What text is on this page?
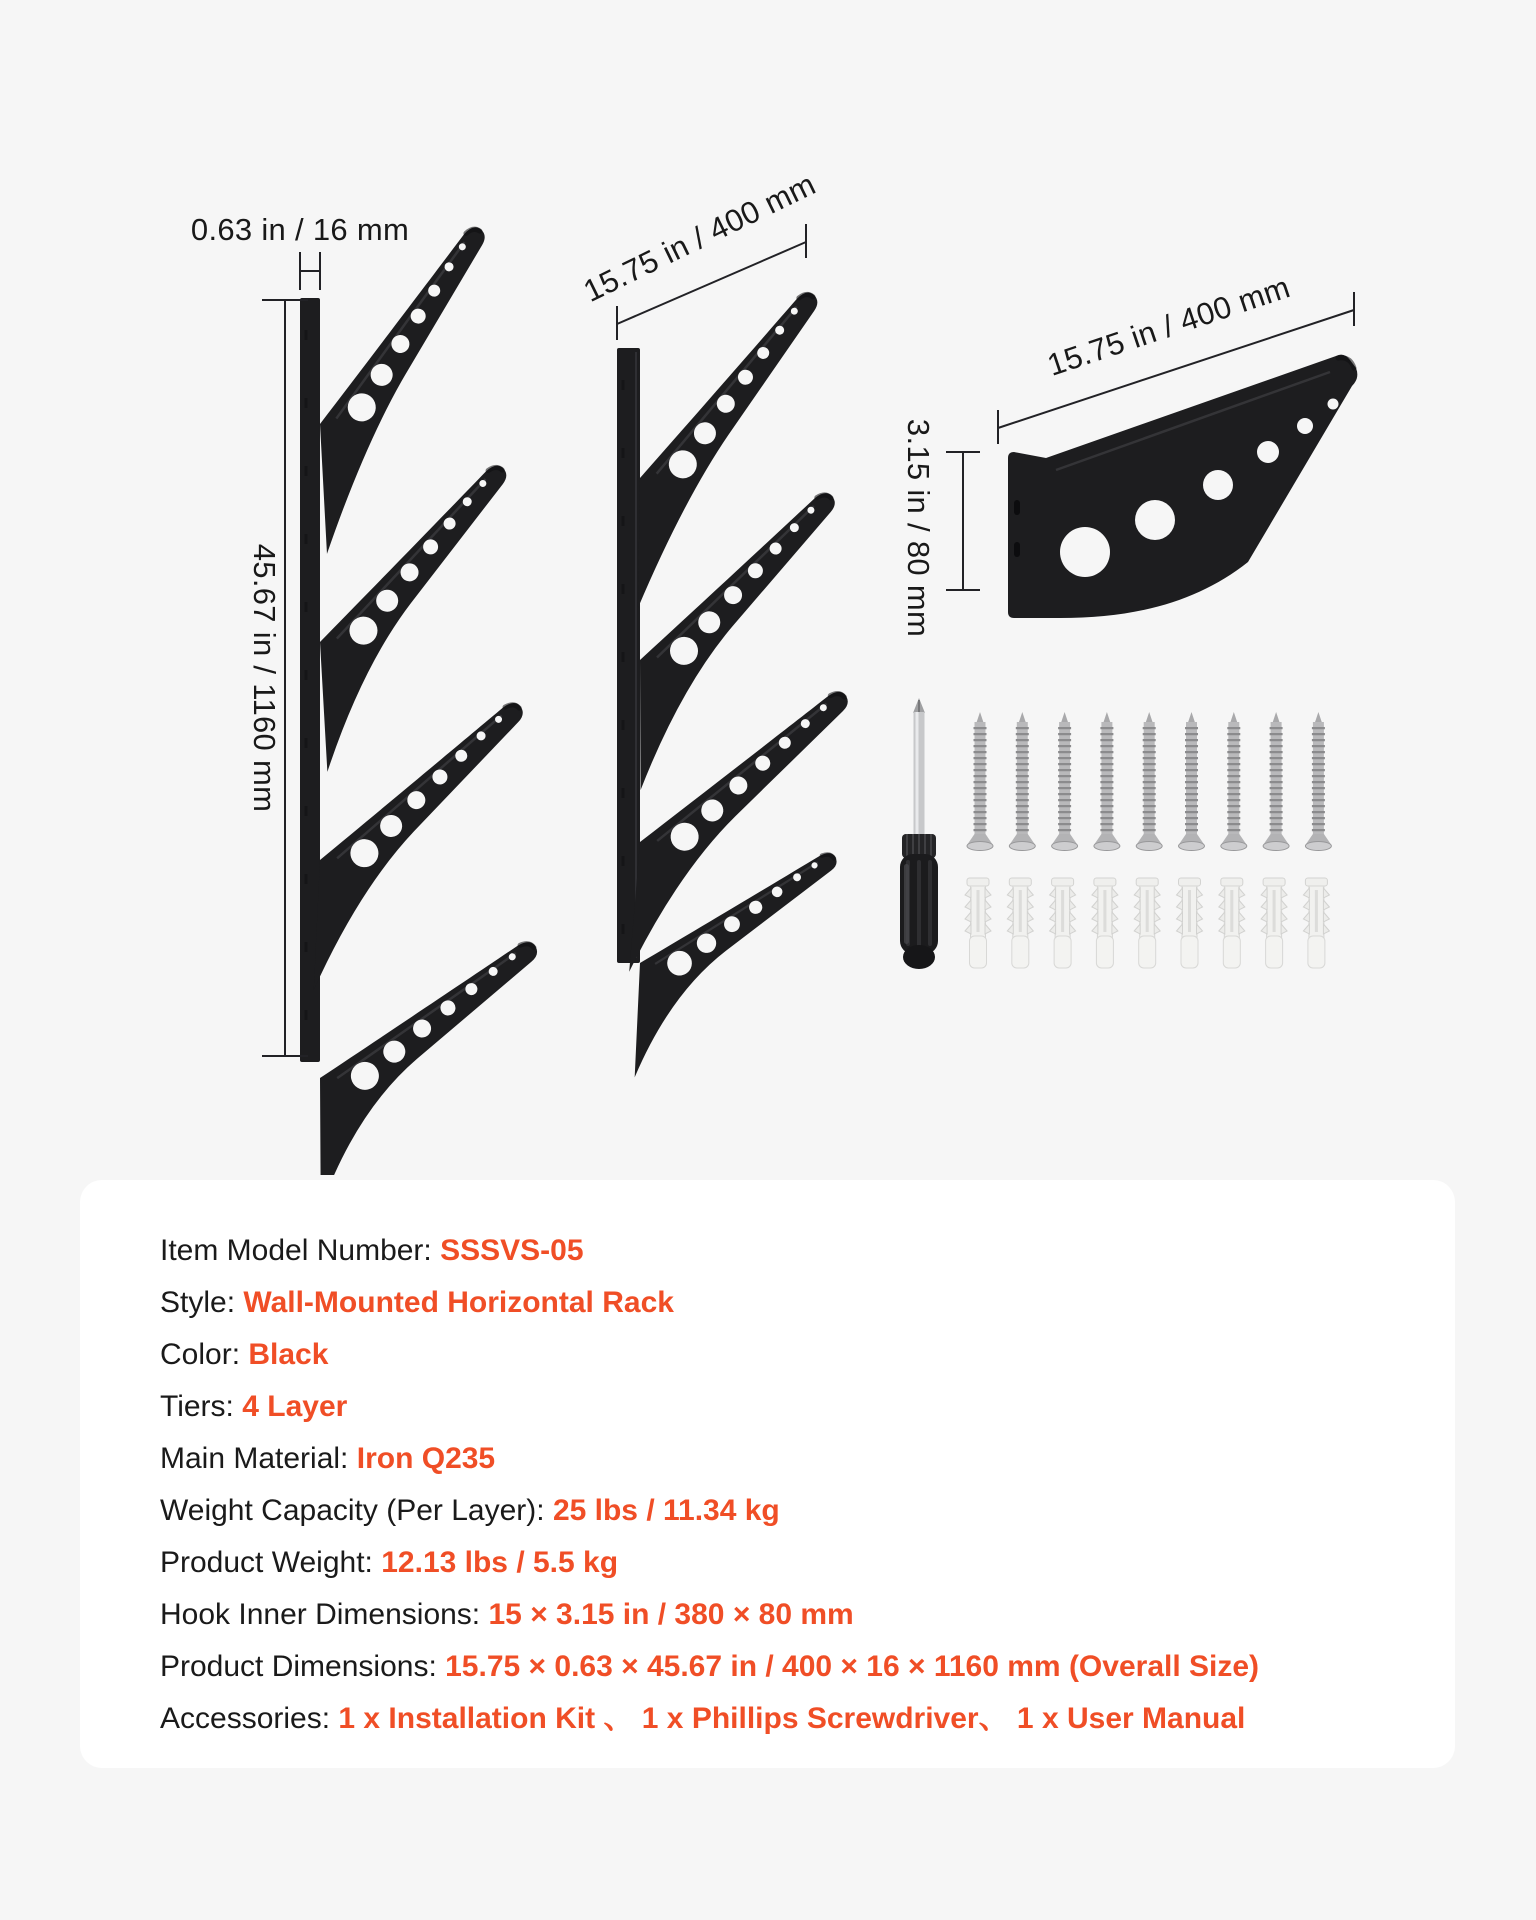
0.63 in / 16 mm
45.67 in / 1160 mm
15.75 in / 400 mm
15.75 in / 400 mm
3.15 in / 80 mm
Item Model Number: SSSVS-05
Style: Wall-Mounted Horizontal Rack
Color: Black
Tiers: 4 Layer
Main Material: Iron Q235
Weight Capacity (Per Layer): 25 lbs / 11.34 kg
Product Weight: 12.13 lbs / 5.5 kg
Hook Inner Dimensions: 15 × 3.15 in / 380 × 80 mm
Product Dimensions: 15.75 × 0.63 × 45.67 in / 400 × 16 × 1160 mm (Overall Size)
Accessories: 1 x Installation Kit 、 1 x Phillips Screwdriver、 1 x User Manual
